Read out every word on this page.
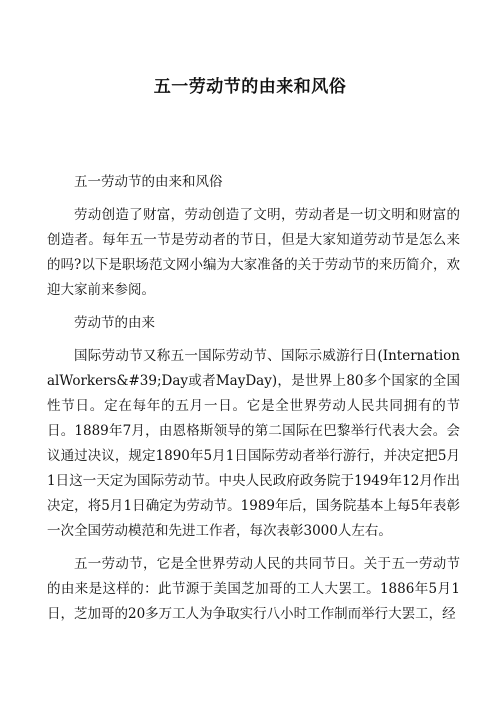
五一劳动节的由来和风俗

五一劳动节的由来和风俗

劳动创造了财富，劳动创造了文明，劳动者是一切文明和财富的创造者。每年五一节是劳动者的节日，但是大家知道劳动节是怎么来的吗?以下是职场范文网小编为大家准备的关于劳动节的来历简介，欢迎大家前来参阅。

劳动节的由来

国际劳动节又称五一国际劳动节、国际示威游行日(InternationalWorkers&#39;Day或者MayDay)，是世界上80多个国家的全国性节日。定在每年的五月一日。它是全世界劳动人民共同拥有的节日。1889年7月，由恩格斯领导的第二国际在巴黎举行代表大会。会议通过决议，规定1890年5月1日国际劳动者举行游行，并决定把5月1日这一天定为国际劳动节。中央人民政府政务院于1949年12月作出决定，将5月1日确定为劳动节。1989年后，国务院基本上每5年表彰一次全国劳动模范和先进工作者，每次表彰3000人左右。

五一劳动节，它是全世界劳动人民的共同节日。关于五一劳动节的由来是这样的：此节源于美国芝加哥的工人大罢工。1886年5月1日，芝加哥的20多万工人为争取实行八小时工作制而举行大罢工，经
